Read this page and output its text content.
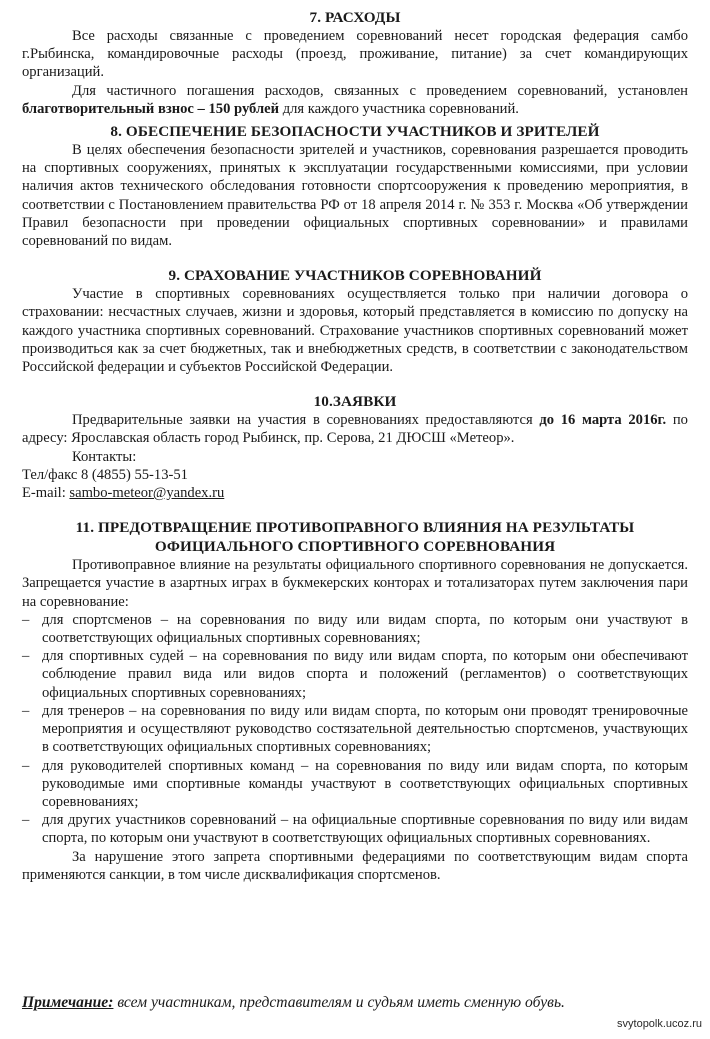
7. РАСХОДЫ

Все расходы связанные с проведением соревнований несет городская федерация самбо г.Рыбинска, командировочные расходы (проезд, проживание, питание) за счет командирующих организаций.

Для частичного погашения расходов, связанных с проведением соревнований, установлен благотворительный взнос – 150 рублей для каждого участника соревнований.

8. ОБЕСПЕЧЕНИЕ БЕЗОПАСНОСТИ УЧАСТНИКОВ И ЗРИТЕЛЕЙ

В целях обеспечения безопасности зрителей и участников, соревнования разрешается проводить на спортивных сооружениях, принятых к эксплуатации государственными комиссиями, при условии наличия актов технического обследования готовности спортсооружения к проведению мероприятия, в соответствии с Постановлением правительства РФ от 18 апреля 2014 г. № 353 г. Москва «Об утверждении Правил безопасности при проведении официальных спортивных соревновании» и правилами соревнований по видам.

9. СРАХОВАНИЕ УЧАСТНИКОВ СОРЕВНОВАНИЙ

Участие в спортивных соревнованиях осуществляется только при наличии договора о страховании: несчастных случаев, жизни и здоровья, который представляется в комиссию по допуску на каждого участника спортивных соревнований. Страхование участников спортивных соревнований может производиться как за счет бюджетных, так и внебюджетных средств, в соответствии с законодательством Российской федерации и субъектов Российской Федерации.

10.ЗАЯВКИ

Предварительные заявки на участия в соревнованиях предоставляются до 16 марта 2016г. по адресу: Ярославская область город Рыбинск, пр. Серова, 21 ДЮСШ «Метеор».

Контакты:

Тел/факс 8 (4855) 55-13-51

E-mail: sambo-meteor@yandex.ru

11. ПРЕДОТВРАЩЕНИЕ ПРОТИВОПРАВНОГО ВЛИЯНИЯ НА РЕЗУЛЬТАТЫ
ОФИЦИАЛЬНОГО СПОРТИВНОГО СОРЕВНОВАНИЯ

Противоправное влияние на результаты официального спортивного соревнования не допускается. Запрещается участие в азартных играх в букмекерских конторах и тотализаторах путем заключения пари на соревнование:

– для спортсменов – на соревнования по виду или видам спорта, по которым они участвуют в соответствующих официальных спортивных соревнованиях;
– для спортивных судей – на соревнования по виду или видам спорта, по которым они обеспечивают соблюдение правил вида или видов спорта и положений (регламентов) о соответствующих официальных спортивных соревнованиях;
– для тренеров – на соревнования по виду или видам спорта, по которым они проводят тренировочные мероприятия и осуществляют руководство состязательной деятельностью спортсменов, участвующих в соответствующих официальных спортивных соревнованиях;
– для руководителей спортивных команд – на соревнования по виду или видам спорта, по которым руководимые ими спортивные команды участвуют в соответствующих официальных спортивных соревнованиях;
– для других участников соревнований – на официальные спортивные соревнования по виду или видам спорта, по которым они участвуют в соответствующих официальных спортивных соревнованиях.

За нарушение этого запрета спортивными федерациями по соответствующим видам спорта применяются санкции, в том числе дисквалификация спортсменов.

Примечание: всем участникам, представителям и судьям иметь сменную обувь.
svytopolk.ucoz.ru
